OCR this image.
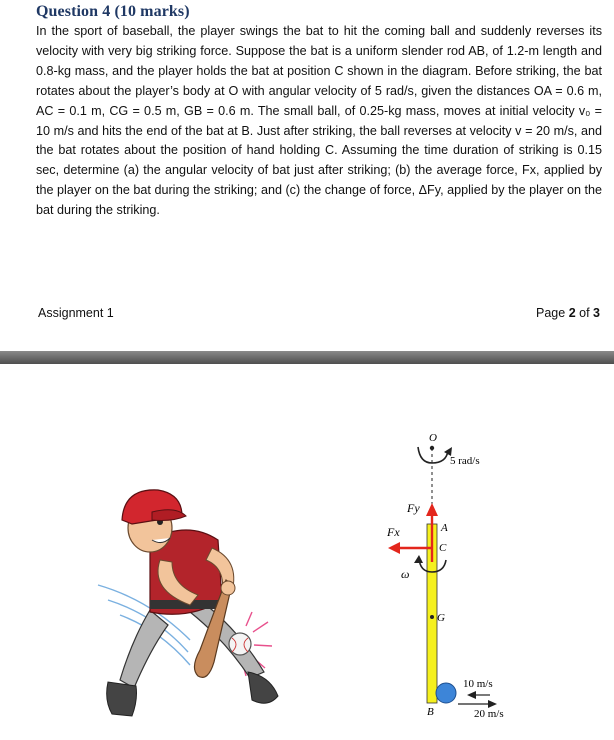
Question 4 (10 marks)
In the sport of baseball, the player swings the bat to hit the coming ball and suddenly reverses its velocity with very big striking force. Suppose the bat is a uniform slender rod AB, of 1.2-m length and 0.8-kg mass, and the player holds the bat at position C shown in the diagram. Before striking, the bat rotates about the player’s body at O with angular velocity of 5 rad/s, given the distances OA = 0.6 m, AC = 0.1 m, CG = 0.5 m, GB = 0.6 m. The small ball, of 0.25-kg mass, moves at initial velocity v₀ = 10 m/s and hits the end of the bat at B. Just after striking, the ball reverses at velocity v = 20 m/s, and the bat rotates about the position of hand holding C. Assuming the time duration of striking is 0.15 sec, determine (a) the angular velocity of bat just after striking; (b) the average force, Fx, applied by the player on the bat during the striking; and (c) the change of force, ΔFy, applied by the player on the bat during the striking.
Assignment 1	Page 2 of 3
O
5 rad/s
Fy
Fx	A
C
ω
G
B
10 m/s
20 m/s
